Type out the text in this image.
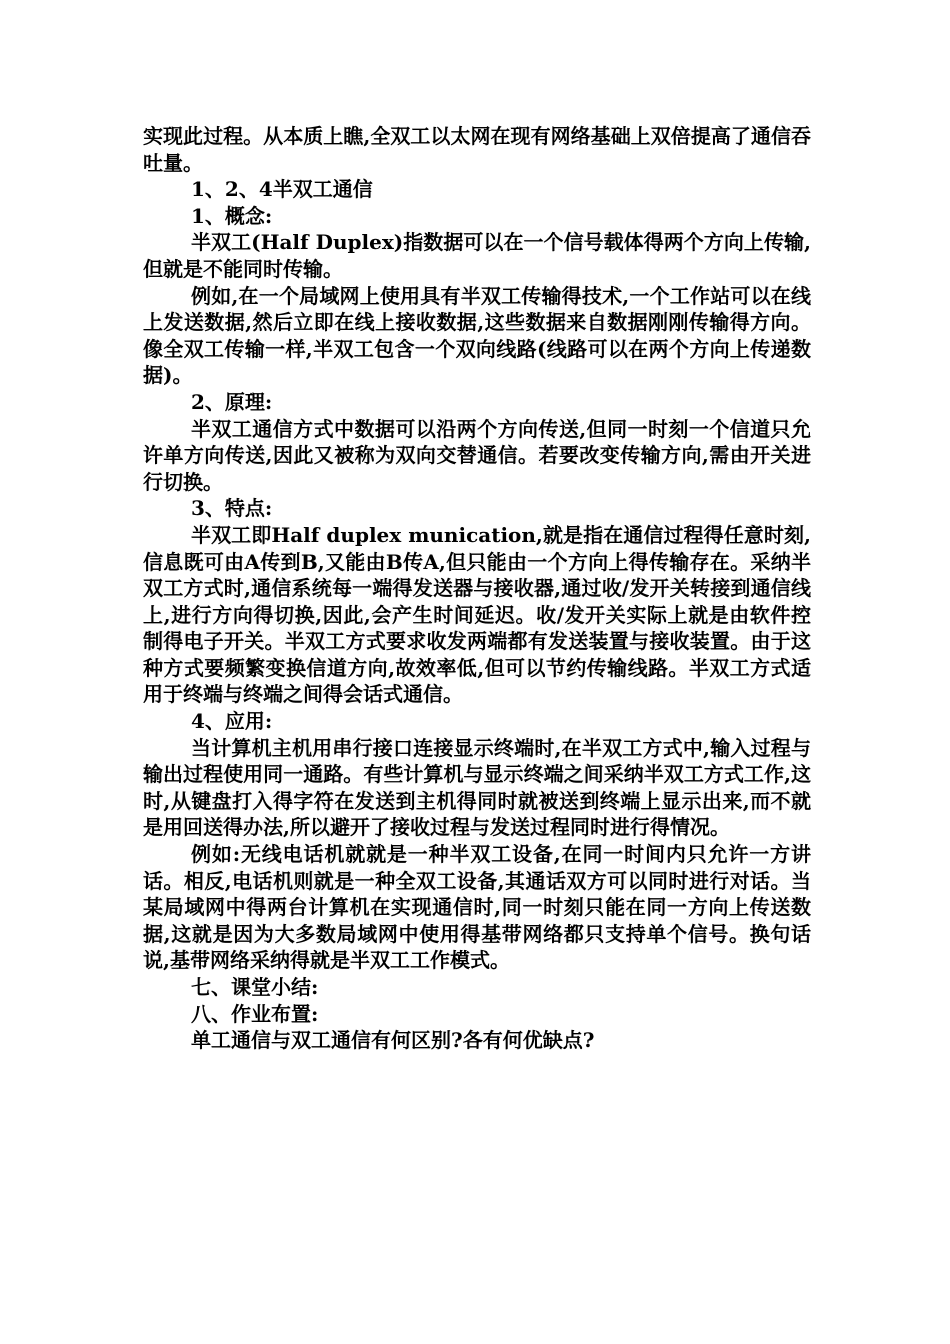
实现此过程。从本质上瞧,全双工以太网在现有网络基础上双倍提高了通信吞吐量。

1、2、4半双工通信

1、概念:

半双工(Half Duplex)指数据可以在一个信号载体得两个方向上传输,但就是不能同时传输。

例如,在一个局域网上使用具有半双工传输得技术,一个工作站可以在线上发送数据,然后立即在线上接收数据,这些数据来自数据刚刚传输得方向。像全双工传输一样,半双工包含一个双向线路(线路可以在两个方向上传递数据)。

2、原理:

半双工通信方式中数据可以沿两个方向传送,但同一时刻一个信道只允许单方向传送,因此又被称为双向交替通信。若要改变传输方向,需由开关进行切换。

3、特点:

半双工即Half duplex munication,就是指在通信过程得任意时刻,信息既可由A传到B,又能由B传A,但只能由一个方向上得传输存在。采纳半双工方式时,通信系统每一端得发送器与接收器,通过收/发开关转接到通信线上,进行方向得切换,因此,会产生时间延迟。收/发开关实际上就是由软件控制得电子开关。半双工方式要求收发两端都有发送装置与接收装置。由于这种方式要频繁变换信道方向,故效率低,但可以节约传输线路。半双工方式适用于终端与终端之间得会话式通信。

4、应用:

当计算机主机用串行接口连接显示终端时,在半双工方式中,输入过程与输出过程使用同一通路。有些计算机与显示终端之间采纳半双工方式工作,这时,从键盘打入得字符在发送到主机得同时就被送到终端上显示出来,而不就是用回送得办法,所以避开了接收过程与发送过程同时进行得情况。

例如:无线电话机就就是一种半双工设备,在同一时间内只允许一方讲话。相反,电话机则就是一种全双工设备,其通话双方可以同时进行对话。当某局域网中得两台计算机在实现通信时,同一时刻只能在同一方向上传送数据,这就是因为大多数局域网中使用得基带网络都只支持单个信号。换句话说,基带网络采纳得就是半双工工作模式。

七、课堂小结:

八、作业布置:

单工通信与双工通信有何区别?各有何优缺点?
